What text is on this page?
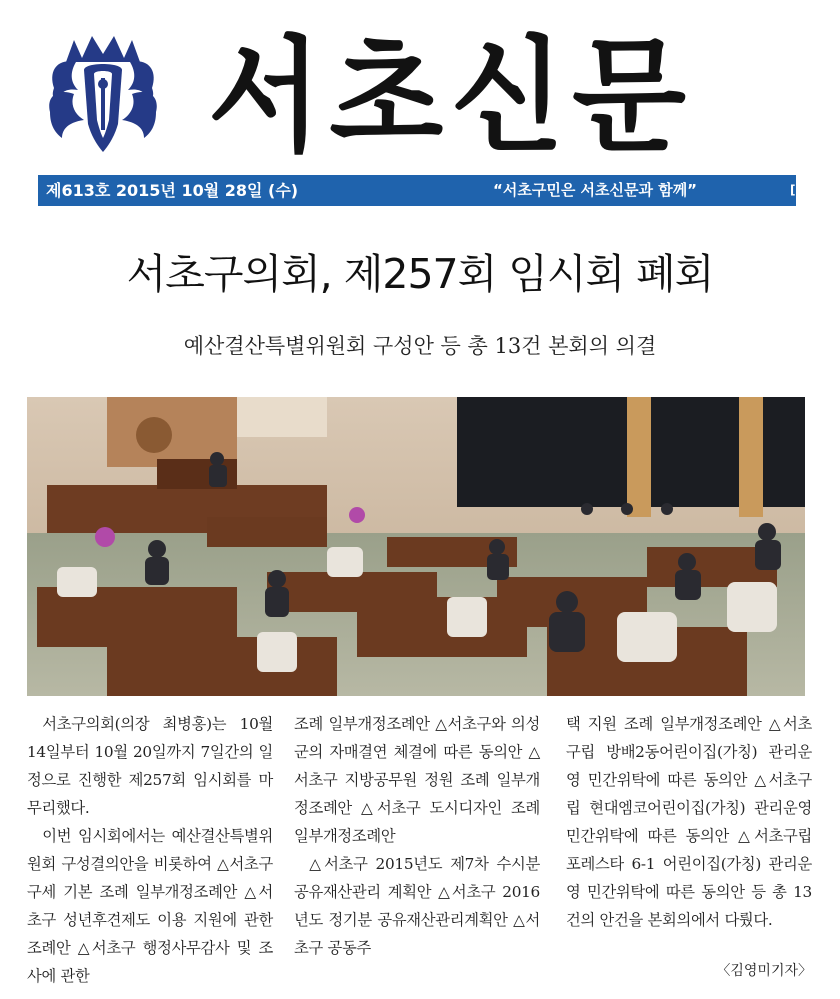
서초신문
제613호 2015년 10월 28일 (수)	“서초구민은 서초신문과 함께”	[ 대표전
서초구의회, 제257회 임시회 폐회
예산결산특별위원회 구성안 등 총 13건 본회의 의결

서초구의회(의장 최병홍)는 10월 14일부터 10월 20일까지 7일간의 일정으로 진행한 제257회 임시회를 마무리했다.

이번 임시회에서는 예산결산특별위원회 구성결의안을 비롯하여 △서초구 구세 기본 조례 일부개정조례안 △서초구 성년후견제도 이용 지원에 관한 조례안 △서초구 행정사무감사 및 조사에 관한

조례 일부개정조례안 △서초구와 의성군의 자매결연 체결에 따른 동의안 △서초구 지방공무원 정원 조례 일부개정조례안 △서초구 도시디자인 조례 일부개정조례안

△서초구 2015년도 제7차 수시분 공유재산관리 계획안 △서초구 2016년도 정기분 공유재산관리계획안 △서초구 공동주

택 지원 조례 일부개정조례안 △서초구립 방배2동어린이집(가칭) 관리운영 민간위탁에 따른 동의안 △서초구립 현대엠코어린이집(가칭) 관리운영 민간위탁에 따른 동의안 △서초구립 포레스타 6-1 어린이집(가칭) 관리운영 민간위탁에 따른 동의안 등 총 13건의 안건을 본회의에서 다뤘다.

〈김영미기자〉
